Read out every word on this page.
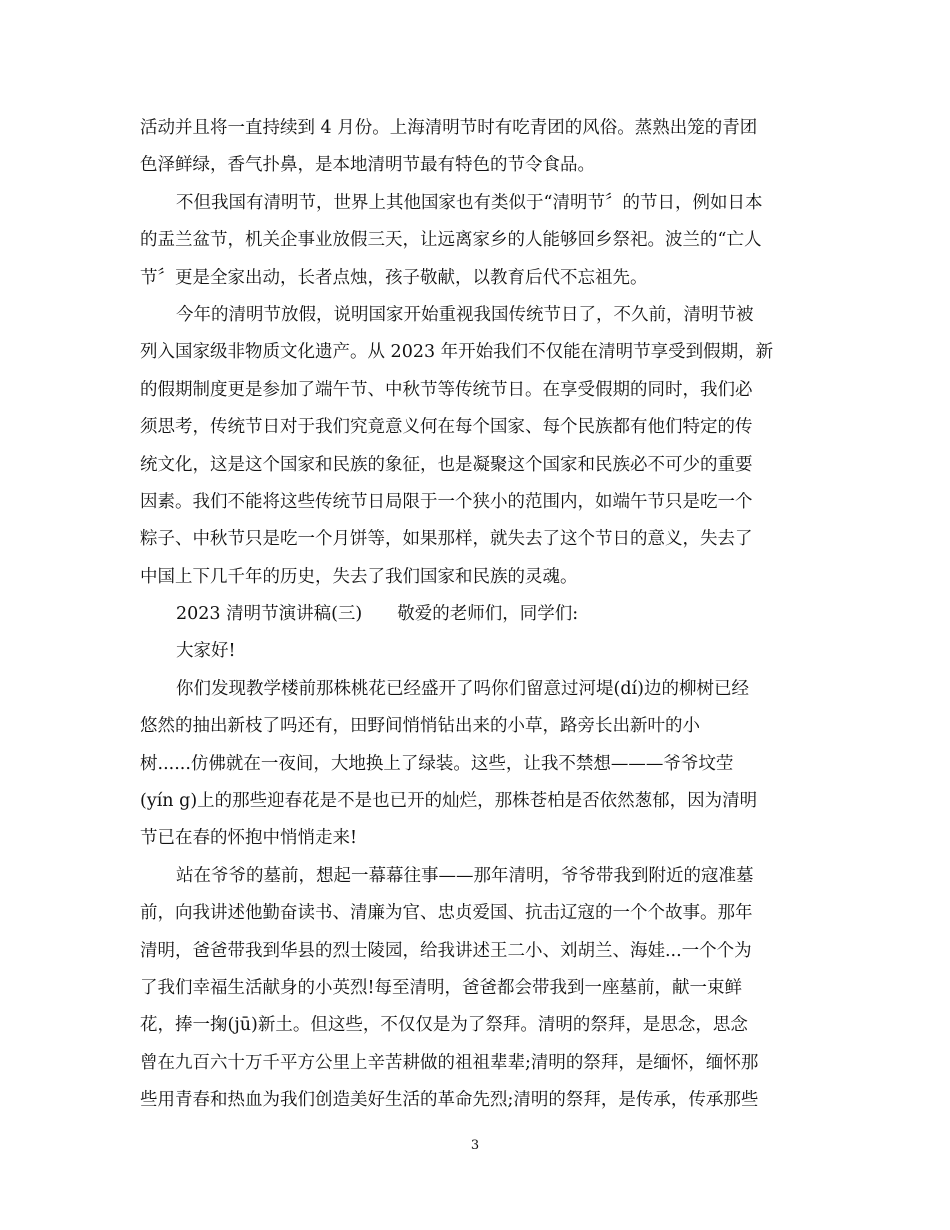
活动并且将一直持续到 4 月份。上海清明节时有吃青团的风俗。蒸熟出笼的青团
色泽鲜绿，香气扑鼻，是本地清明节最有特色的节令食品。
不但我国有清明节，世界上其他国家也有类似于“清明节〞的节日，例如日本
的盂兰盆节，机关企事业放假三天，让远离家乡的人能够回乡祭祀。波兰的“亡人
节〞更是全家出动，长者点烛，孩子敬献，以教育后代不忘祖先。
今年的清明节放假，说明国家开始重视我国传统节日了，不久前，清明节被
列入国家级非物质文化遗产。从 2023 年开始我们不仅能在清明节享受到假期，新
的假期制度更是参加了端午节、中秋节等传统节日。在享受假期的同时，我们必
须思考，传统节日对于我们究竟意义何在每个国家、每个民族都有他们特定的传
统文化，这是这个国家和民族的象征，也是凝聚这个国家和民族必不可少的重要
因素。我们不能将这些传统节日局限于一个狭小的范围内，如端午节只是吃一个
粽子、中秋节只是吃一个月饼等，如果那样，就失去了这个节日的意义，失去了
中国上下几千年的历史，失去了我们国家和民族的灵魂。
2023 清明节演讲稿(三)　　敬爱的老师们，同学们:
大家好!
你们发现教学楼前那株桃花已经盛开了吗你们留意过河堤(dí)边的柳树已经
悠然的抽出新枝了吗还有，田野间悄悄钻出来的小草，路旁长出新叶的小
树......仿佛就在一夜间，大地换上了绿装。这些，让我不禁想———爷爷坟茔
(yín g)上的那些迎春花是不是也已开的灿烂，那株苍柏是否依然葱郁，因为清明
节已在春的怀抱中悄悄走来!
站在爷爷的墓前，想起一幕幕往事——那年清明，爷爷带我到附近的寇准墓
前，向我讲述他勤奋读书、清廉为官、忠贞爱国、抗击辽寇的一个个故事。那年
清明，爸爸带我到华县的烈士陵园，给我讲述王二小、刘胡兰、海娃...一个个为
了我们幸福生活献身的小英烈!每至清明，爸爸都会带我到一座墓前，献一束鲜
花，捧一掬(jū)新土。但这些，不仅仅是为了祭拜。清明的祭拜，是思念，思念
曾在九百六十万千平方公里上辛苦耕做的祖祖辈辈;清明的祭拜，是缅怀，缅怀那
些用青春和热血为我们创造美好生活的革命先烈;清明的祭拜，是传承，传承那些
3
